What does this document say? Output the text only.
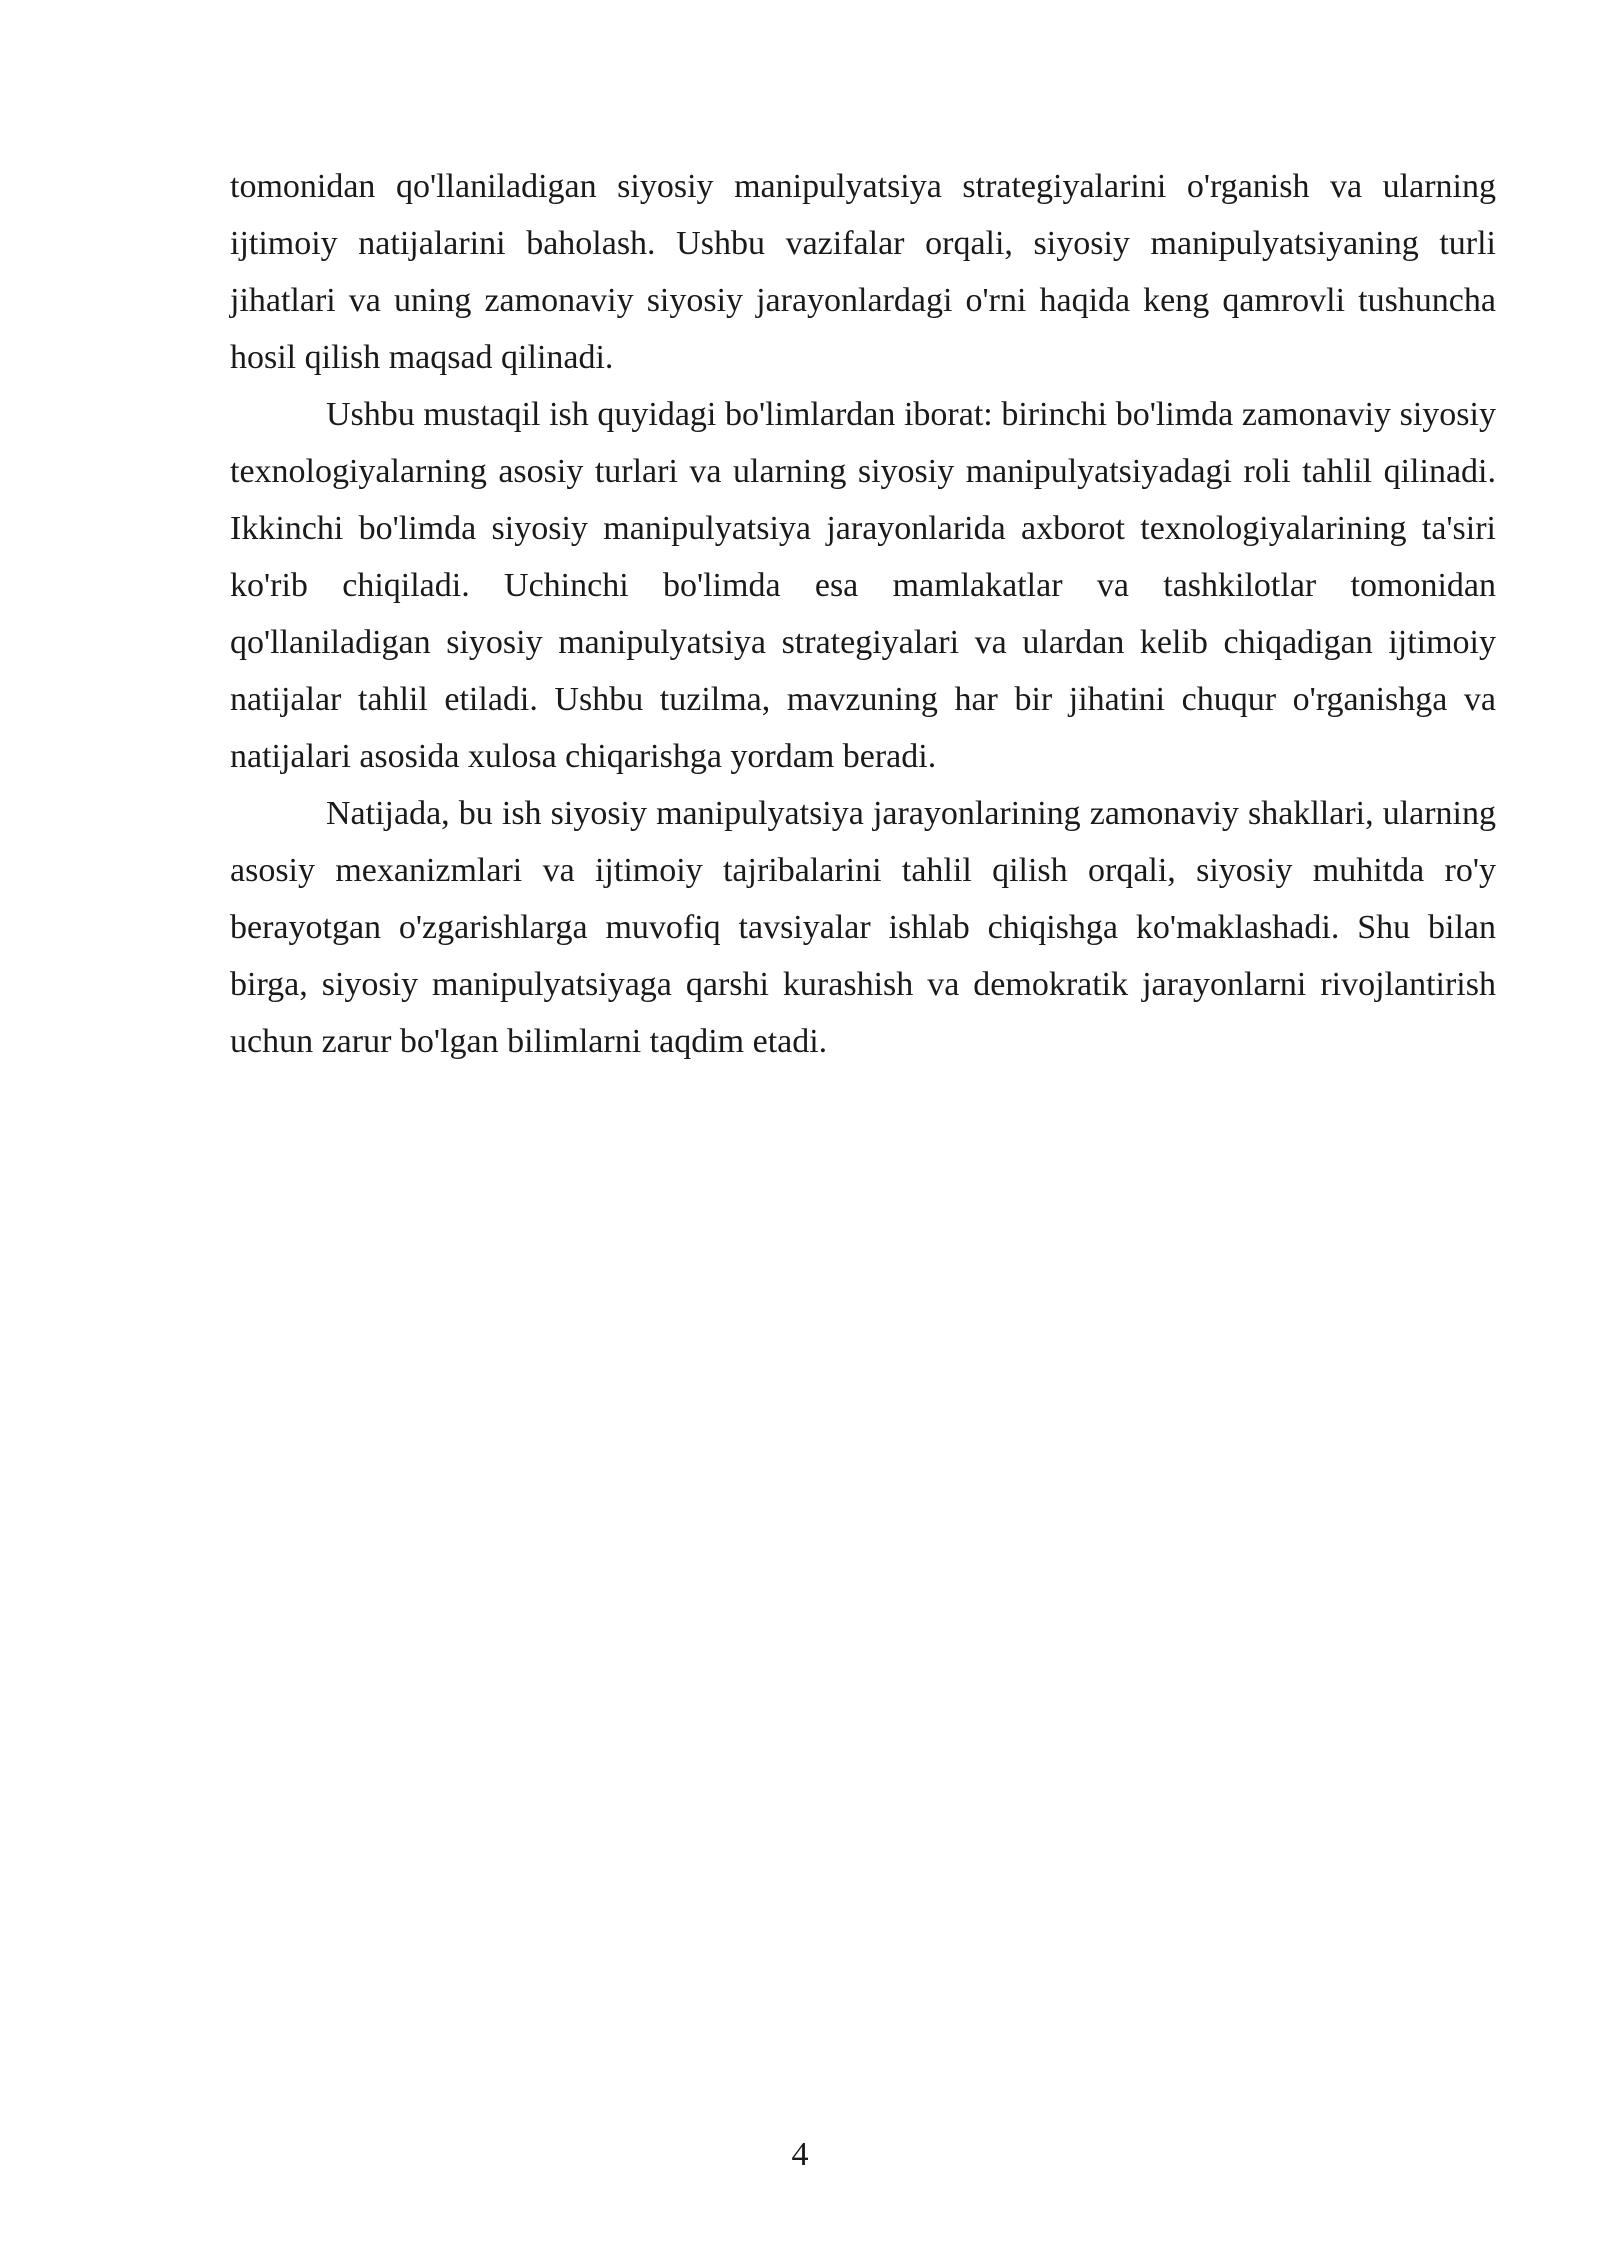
tomonidan qo'llaniladigan siyosiy manipulyatsiya strategiyalarini o'rganish va ularning ijtimoiy natijalarini baholash. Ushbu vazifalar orqali, siyosiy manipulyatsiyaning turli jihatlari va uning zamonaviy siyosiy jarayonlardagi o'rni haqida keng qamrovli tushuncha hosil qilish maqsad qilinadi.

Ushbu mustaqil ish quyidagi bo'limlardan iborat: birinchi bo'limda zamonaviy siyosiy texnologiyalarning asosiy turlari va ularning siyosiy manipulyatsiyadagi roli tahlil qilinadi. Ikkinchi bo'limda siyosiy manipulyatsiya jarayonlarida axborot texnologiyalarining ta'siri ko'rib chiqiladi. Uchinchi bo'limda esa mamlakatlar va tashkilotlar tomonidan qo'llaniladigan siyosiy manipulyatsiya strategiyalari va ulardan kelib chiqadigan ijtimoiy natijalar tahlil etiladi. Ushbu tuzilma, mavzuning har bir jihatini chuqur o'rganishga va natijalari asosida xulosa chiqarishga yordam beradi.

Natijada, bu ish siyosiy manipulyatsiya jarayonlarining zamonaviy shakllari, ularning asosiy mexanizmlari va ijtimoiy tajribalarini tahlil qilish orqali, siyosiy muhitda ro'y berayotgan o'zgarishlarga muvofiq tavsiyalar ishlab chiqishga ko'maklashadi. Shu bilan birga, siyosiy manipulyatsiyaga qarshi kurashish va demokratik jarayonlarni rivojlantirish uchun zarur bo'lgan bilimlarni taqdim etadi.

4
